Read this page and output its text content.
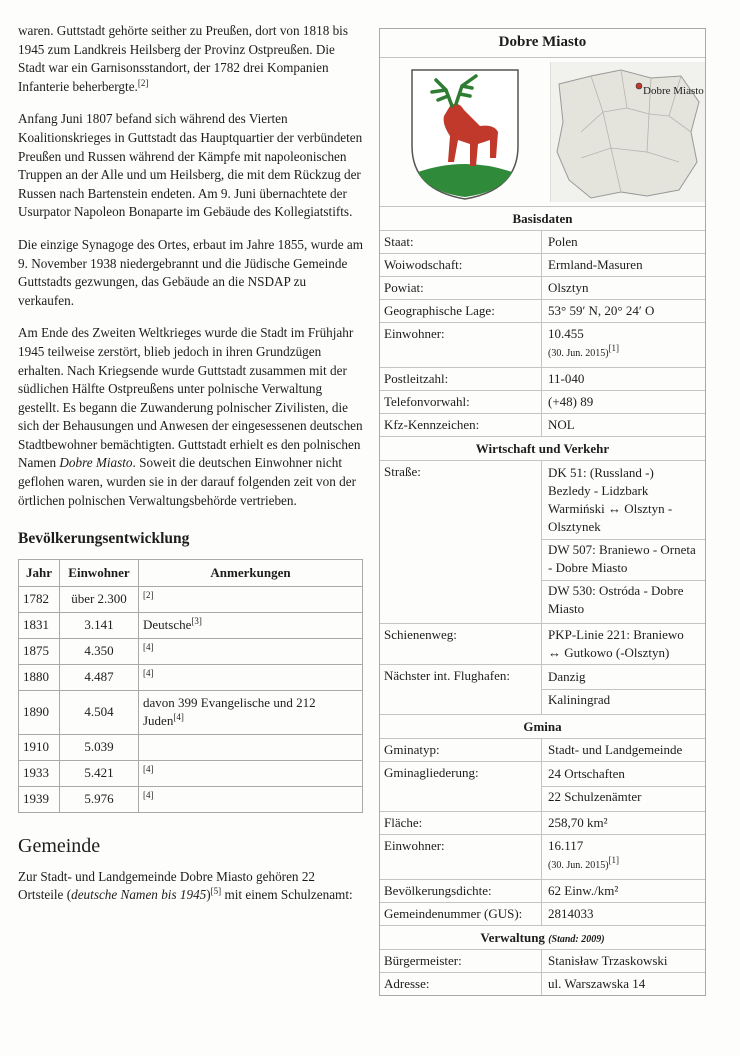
waren. Guttstadt gehörte seither zu Preußen, dort von 1818 bis 1945 zum Landkreis Heilsberg der Provinz Ostpreußen. Die Stadt war ein Garnisonsstandort, der 1782 drei Kompanien Infanterie beherbergte.[2]

Anfang Juni 1807 befand sich während des Vierten Koalitionskrieges in Guttstadt das Hauptquartier der verbündeten Preußen und Russen während der Kämpfe mit napoleonischen Truppen an der Alle und um Heilsberg, die mit dem Rückzug der Russen nach Bartenstein endeten. Am 9. Juni übernachtete der Usurpator Napoleon Bonaparte im Gebäude des Kollegiatstifts.

Die einzige Synagoge des Ortes, erbaut im Jahre 1855, wurde am 9. November 1938 niedergebrannt und die Jüdische Gemeinde Guttstadts gezwungen, das Gebäude an die NSDAP zu verkaufen.

Am Ende des Zweiten Weltkrieges wurde die Stadt im Frühjahr 1945 teilweise zerstört, blieb jedoch in ihren Grundzügen erhalten. Nach Kriegsende wurde Guttstadt zusammen mit der südlichen Hälfte Ostpreußens unter polnische Verwaltung gestellt. Es begann die Zuwanderung polnischer Zivilisten, die sich der Behausungen und Anwesen der eingesessenen deutschen Stadtbewohner bemächtigten. Guttstadt erhielt es den polnischen Namen Dobre Miasto. Soweit die deutschen Einwohner nicht geflohen waren, wurden sie in der darauf folgenden zeit von der örtlichen polnischen Verwaltungsbehörde vertrieben.

Bevölkerungsentwicklung
Jahr	Einwohner	Anmerkungen
1782	über 2.300	[2]
1831	3.141	Deutsche[3]
1875	4.350	[4]
1880	4.487	[4]
1890	4.504	davon 399 Evangelische und 212 Juden[4]
1910	5.039	
1933	5.421	[4]
1939	5.976	[4]
Gemeinde

Zur Stadt- und Landgemeinde Dobre Miasto gehören 22 Ortsteile (deutsche Namen bis 1945)[5] mit einem Schulzenamt:

Dobre Miasto
Dobre Miasto
Basisdaten
Staat:	Polen
Woiwodschaft:	Ermland-Masuren
Powiat:	Olsztyn
Geographische Lage:	53° 59′ N, 20° 24′ O
Einwohner:	10.455
(30. Jun. 2015)[1]
Postleitzahl:	11-040
Telefonvorwahl:	(+48) 89
Kfz-Kennzeichen:	NOL
Wirtschaft und Verkehr
Straße:	DK 51: (Russland -) Bezledy - Lidzbark Warmiński ↔ Olsztyn - Olsztynek
DW 507: Braniewo - Orneta - Dobre Miasto
DW 530: Ostróda - Dobre Miasto
Schienenweg:	PKP-Linie 221: Braniewo ↔ Gutkowo (-Olsztyn)
Nächster int. Flughafen:	Danzig
Kaliningrad
Gmina
Gminatyp:	Stadt- und Landgemeinde
Gminagliederung:	24 Ortschaften
22 Schulzenämter
Fläche:	258,70 km²
Einwohner:	16.117
(30. Jun. 2015)[1]
Bevölkerungsdichte:	62 Einw./km²
Gemeindenummer (GUS):	2814033
Verwaltung (Stand: 2009)
Bürgermeister:	Stanisław Trzaskowski
Adresse:	ul. Warszawska 14
